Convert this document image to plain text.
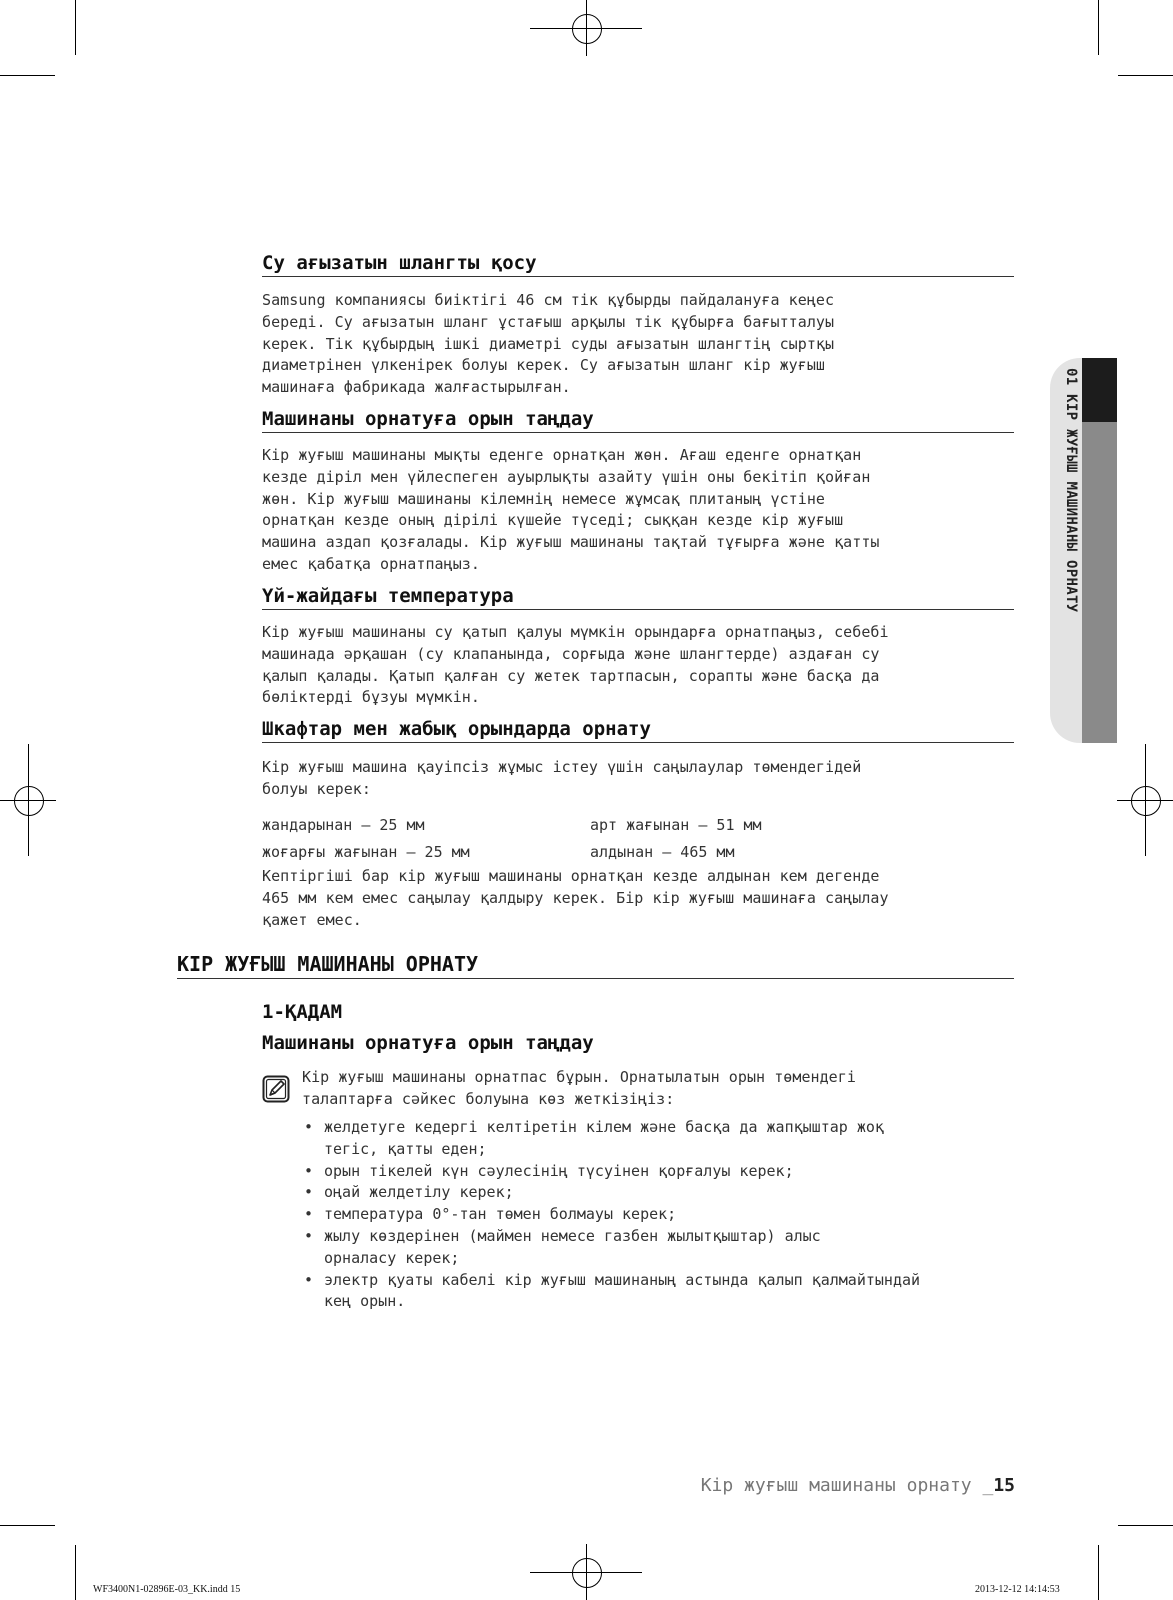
Су ағызатын шлангты қосу

Samsung компаниясы биіктігі 46 см тік құбырды пайдалануға кеңес
береді. Су ағызатын шланг ұстағыш арқылы тік құбырға бағытталуы
керек. Тік құбырдың ішкі диаметрі суды ағызатын шлангтің сыртқы
диаметрінен үлкенірек болуы керек. Су ағызатын шланг кір жуғыш
машинаға фабрикада жалғастырылған.

Машинаны орнатуға орын таңдау

Кір жуғыш машинаны мықты еденге орнатқан жөн. Ағаш еденге орнатқан
кезде діріл мен үйлеспеген ауырлықты азайту үшін оны бекітіп қойған
жөн. Кір жуғыш машинаны кілемнің немесе жұмсақ плитаның үстіне
орнатқан кезде оның дірілі күшейе түседі; сыққан кезде кір жуғыш
машина аздап қозғалады. Кір жуғыш машинаны тақтай тұғырға және қатты
емес қабатқа орнатпаңыз.

Үй-жайдағы температура

Кір жуғыш машинаны су қатып қалуы мүмкін орындарға орнатпаңыз, себебі
машинада әрқашан (су клапанында, сорғыда және шлангтерде) аздаған су
қалып қалады. Қатып қалған су жетек тартпасын, сорапты және басқа да
бөліктерді бұзуы мүмкін.

Шкафтар мен жабық орындарда орнату

Кір жуғыш машина қауіпсіз жұмыс істеу үшін саңылаулар төмендегідей
болуы керек:

жандарынан — 25 мм	арт жағынан — 51 мм
жоғарғы жағынан — 25 мм	алдынан — 465 мм

Кептіргіші бар кір жуғыш машинаны орнатқан кезде алдынан кем дегенде
465 мм кем емес саңылау қалдыру керек. Бір кір жуғыш машинаға саңылау
қажет емес.

КІР ЖУҒЫШ МАШИНАНЫ ОРНАТУ
1-ҚАДАМ
Машинаны орнатуға орын таңдау

Кір жуғыш машинаны орнатпас бұрын. Орнатылатын орын төмендегі
талаптарға сәйкес болуына көз жеткізіңіз:

• желдетуге кедергі келтіретін кілем және басқа да жапқыштар жоқ
тегіс, қатты еден;
• орын тікелей күн сәулесінің түсуінен қорғалуы керек;
• оңай желдетілу керек;
• температура 0°-тан төмен болмауы керек;
• жылу көздерінен (маймен немесе газбен жылытқыштар) алыс
орналасу керек;
• электр қуаты кабелі кір жуғыш машинаның астында қалып қалмайтындай
кең орын.
01 КІР ЖУҒЫШ МАШИНАНЫ ОРНАТУ
Кір жуғыш машинаны орнату _15
WF3400N1-02896E-03_KK.indd 15	2013-12-12 14:14:53
